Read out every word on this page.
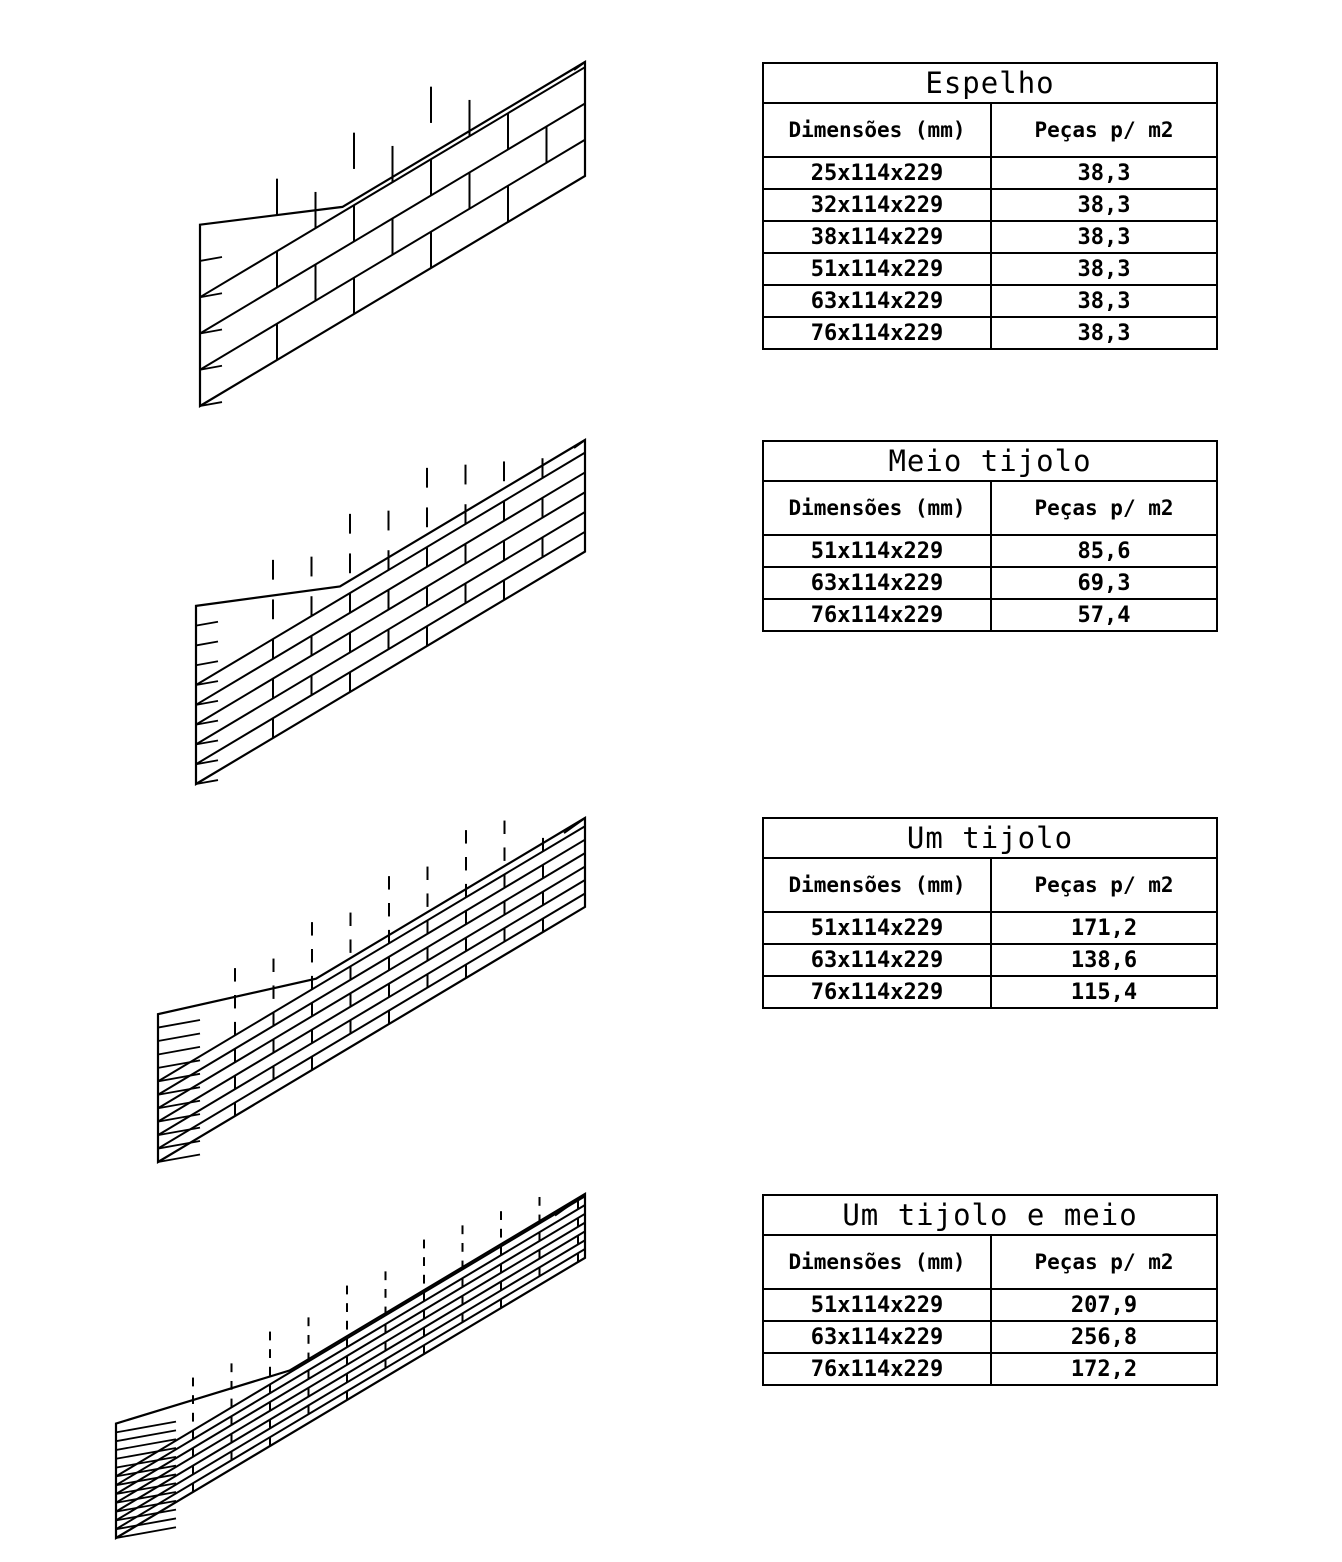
Espelho	
Dimensões (mm)	Peças p/ m2
25x114x229	38,3
32x114x229	38,3
38x114x229	38,3
51x114x229	38,3
63x114x229	38,3
76x114x229	38,3
Meio tijolo	
Dimensões (mm)	Peças p/ m2
51x114x229	85,6
63x114x229	69,3
76x114x229	57,4
Um tijolo	
Dimensões (mm)	Peças p/ m2
51x114x229	171,2
63x114x229	138,6
76x114x229	115,4
Um tijolo e meio	
Dimensões (mm)	Peças p/ m2
51x114x229	207,9
63x114x229	256,8
76x114x229	172,2
